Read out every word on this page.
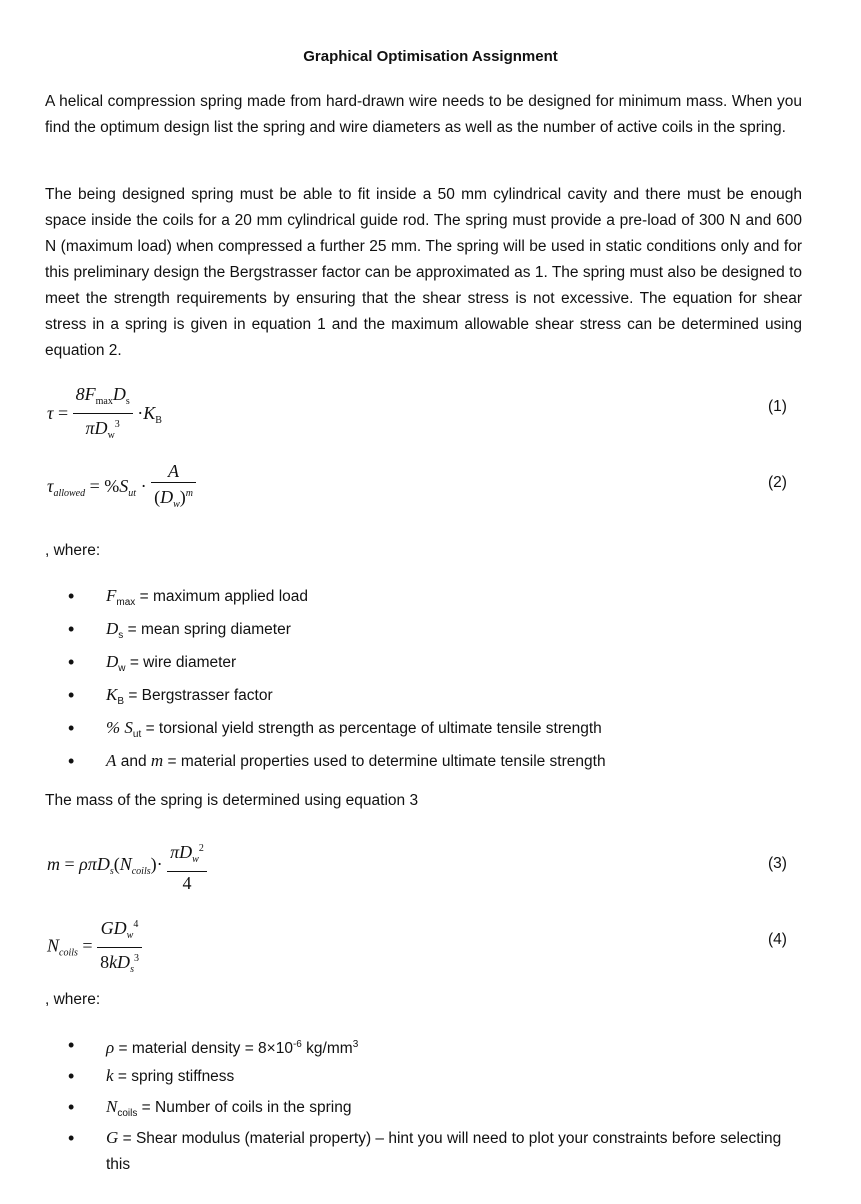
Graphical Optimisation Assignment

A helical compression spring made from hard-drawn wire needs to be designed for minimum mass. When you find the optimum design list the spring and wire diameters as well as the number of active coils in the spring.

The being designed spring must be able to fit inside a 50 mm cylindrical cavity and there must be enough space inside the coils for a 20 mm cylindrical guide rod. The spring must provide a pre-load of 300 N and 600 N (maximum load) when compressed a further 25 mm. The spring will be used in static conditions only and for this preliminary design the Bergstrasser factor can be approximated as 1. The spring must also be designed to meet the strength requirements by ensuring that the shear stress is not excessive. The equation for shear stress in a spring is given in equation 1 and the maximum allowable shear stress can be determined using equation 2.

$\tau = \frac{8F_{max}D_s}{\pi D_w^3} \cdot K_B$
(1)
$\tau_{allowed} = \%S_{ut} \cdot \frac{A}{(D_w)^m}$	(2)
, where:
• $F_{max}$ = maximum applied load
• $D_s$ = mean spring diameter
• $D_w$ = wire diameter
• $K_B$ = Bergstrasser factor
• % $S_{ut}$ = torsional yield strength as percentage of ultimate tensile strength
• A and m = material properties used to determine ultimate tensile strength
The mass of the spring is determined using equation 3
$m = \rho\pi D_s(N_{coils})\cdot \frac{\pi D_w^2}{4}$	(3)
$N_{coils} = \frac{GD_w^4}{8kD_s^3}$	(4)
, where:
• ρ = material density = $8\times 10^{-6}$ $kg/mm^3$
• k = spring stiffness
• $N_{coils}$ = Number of coils in the spring
• G = Shear modulus (material property) – hint you will need to plot your constraints before selecting this
